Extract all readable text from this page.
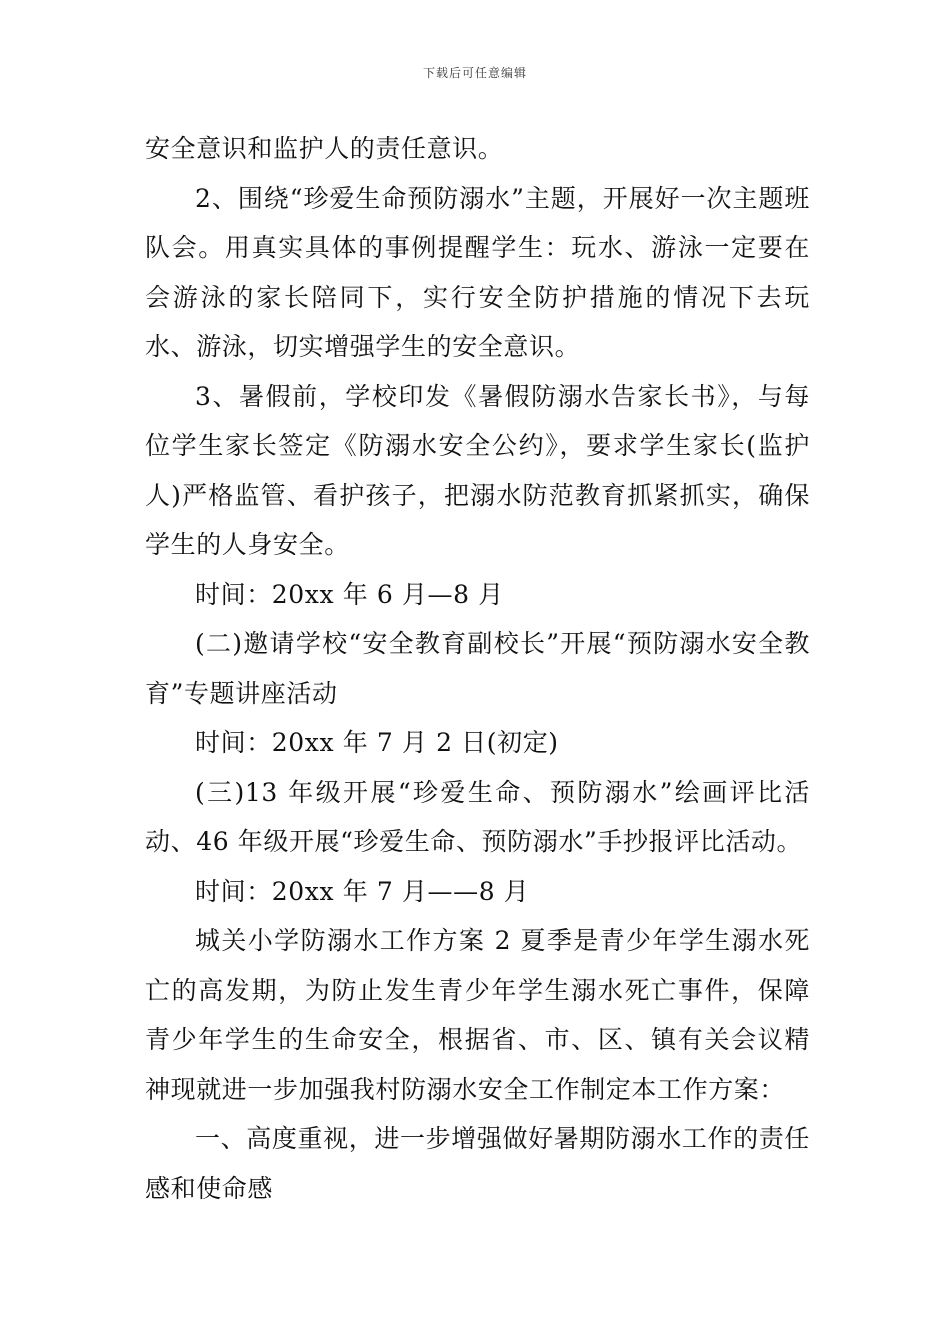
下载后可任意编辑

安全意识和监护人的责任意识。

2、围绕“珍爱生命预防溺水”主题，开展好一次主题班队会。用真实具体的事例提醒学生：玩水、游泳一定要在会游泳的家长陪同下，实行安全防护措施的情况下去玩水、游泳，切实增强学生的安全意识。

3、暑假前，学校印发《暑假防溺水告家长书》，与每位学生家长签定《防溺水安全公约》，要求学生家长(监护人)严格监管、看护孩子，把溺水防范教育抓紧抓实，确保学生的人身安全。

时间：20xx 年 6 月—8 月

(二)邀请学校“安全教育副校长”开展“预防溺水安全教育”专题讲座活动

时间：20xx 年 7 月 2 日(初定)

(三)13 年级开展“珍爱生命、预防溺水”绘画评比活动、46 年级开展“珍爱生命、预防溺水”手抄报评比活动。

时间：20xx 年 7 月——8 月

城关小学防溺水工作方案 2 夏季是青少年学生溺水死亡的高发期，为防止发生青少年学生溺水死亡事件，保障青少年学生的生命安全，根据省、市、区、镇有关会议精神现就进一步加强我村防溺水安全工作制定本工作方案：

一、高度重视，进一步增强做好暑期防溺水工作的责任感和使命感
